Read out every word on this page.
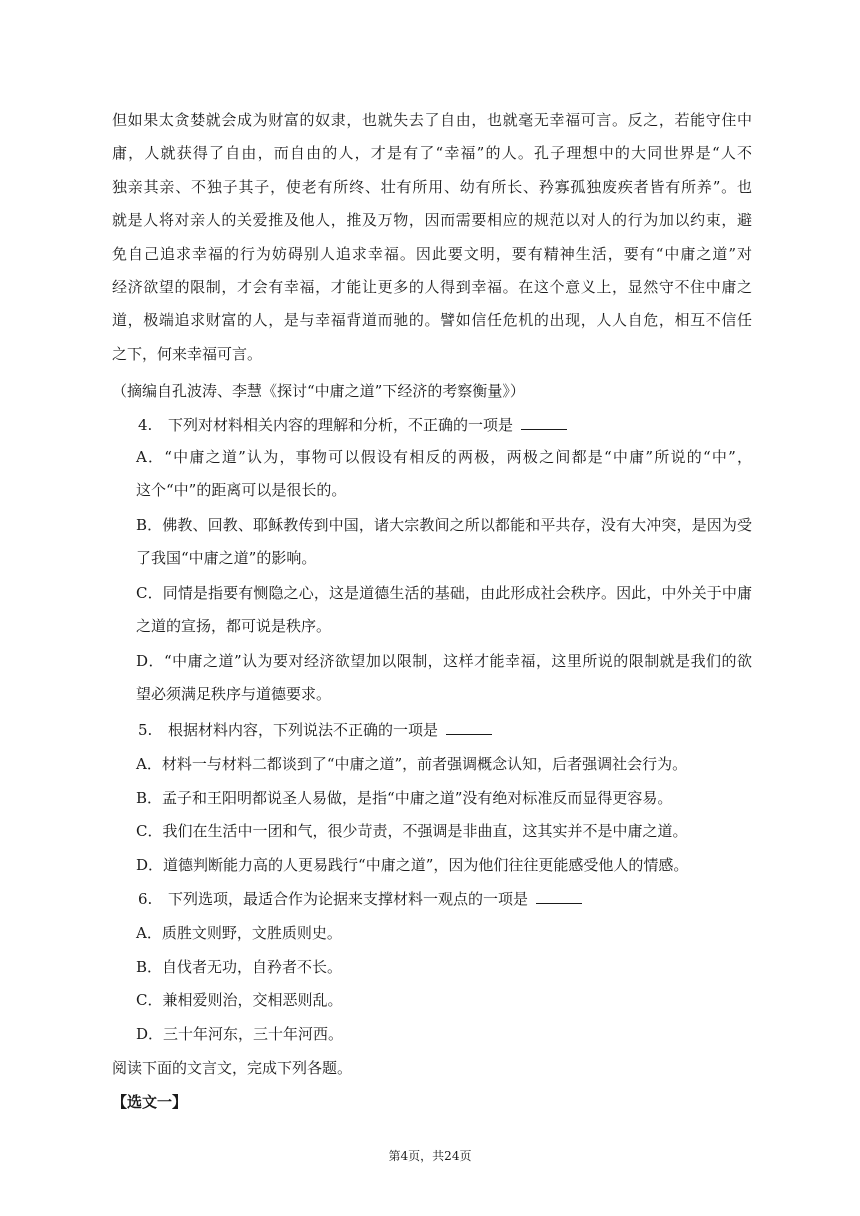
但如果太贪婪就会成为财富的奴隶，也就失去了自由，也就毫无幸福可言。反之，若能守住中
庸，人就获得了自由，而自由的人，才是有了“幸福”的人。孔子理想中的大同世界是“人不
独亲其亲、不独子其子，使老有所终、壮有所用、幼有所长、矜寡孤独废疾者皆有所养”。也
就是人将对亲人的关爱推及他人，推及万物，因而需要相应的规范以对人的行为加以约束，避
免自己追求幸福的行为妨碍别人追求幸福。因此要文明，要有精神生活，要有“中庸之道”对
经济欲望的限制，才会有幸福，才能让更多的人得到幸福。在这个意义上，显然守不住中庸之
道，极端追求财富的人，是与幸福背道而驰的。譬如信任危机的出现，人人自危，相互不信任
之下，何来幸福可言。
（摘编自孔波涛、李慧《探讨“中庸之道”下经济的考察衡量》）
4. 下列对材料相关内容的理解和分析，不正确的一项是
A．“中庸之道”认为，事物可以假设有相反的两极，两极之间都是“中庸”所说的“中”，
这个“中”的距离可以是很长的。
B．佛教、回教、耶稣教传到中国，诸大宗教间之所以都能和平共存，没有大冲突，是因为受
了我国“中庸之道”的影响。
C．同情是指要有恻隐之心，这是道德生活的基础，由此形成社会秩序。因此，中外关于中庸
之道的宣扬，都可说是秩序。
D．“中庸之道”认为要对经济欲望加以限制，这样才能幸福，这里所说的限制就是我们的欲
望必须满足秩序与道德要求。
5. 根据材料内容，下列说法不正确的一项是
A．材料一与材料二都谈到了“中庸之道”，前者强调概念认知，后者强调社会行为。
B．孟子和王阳明都说圣人易做，是指“中庸之道”没有绝对标准反而显得更容易。
C．我们在生活中一团和气，很少苛责，不强调是非曲直，这其实并不是中庸之道。
D．道德判断能力高的人更易践行“中庸之道”，因为他们往往更能感受他人的情感。
6. 下列选项，最适合作为论据来支撑材料一观点的一项是
A．质胜文则野，文胜质则史。
B．自伐者无功，自矜者不长。
C．兼相爱则治，交相恶则乱。
D．三十年河东，三十年河西。
阅读下面的文言文，完成下列各题。
【选文一】
第4页，共24页
